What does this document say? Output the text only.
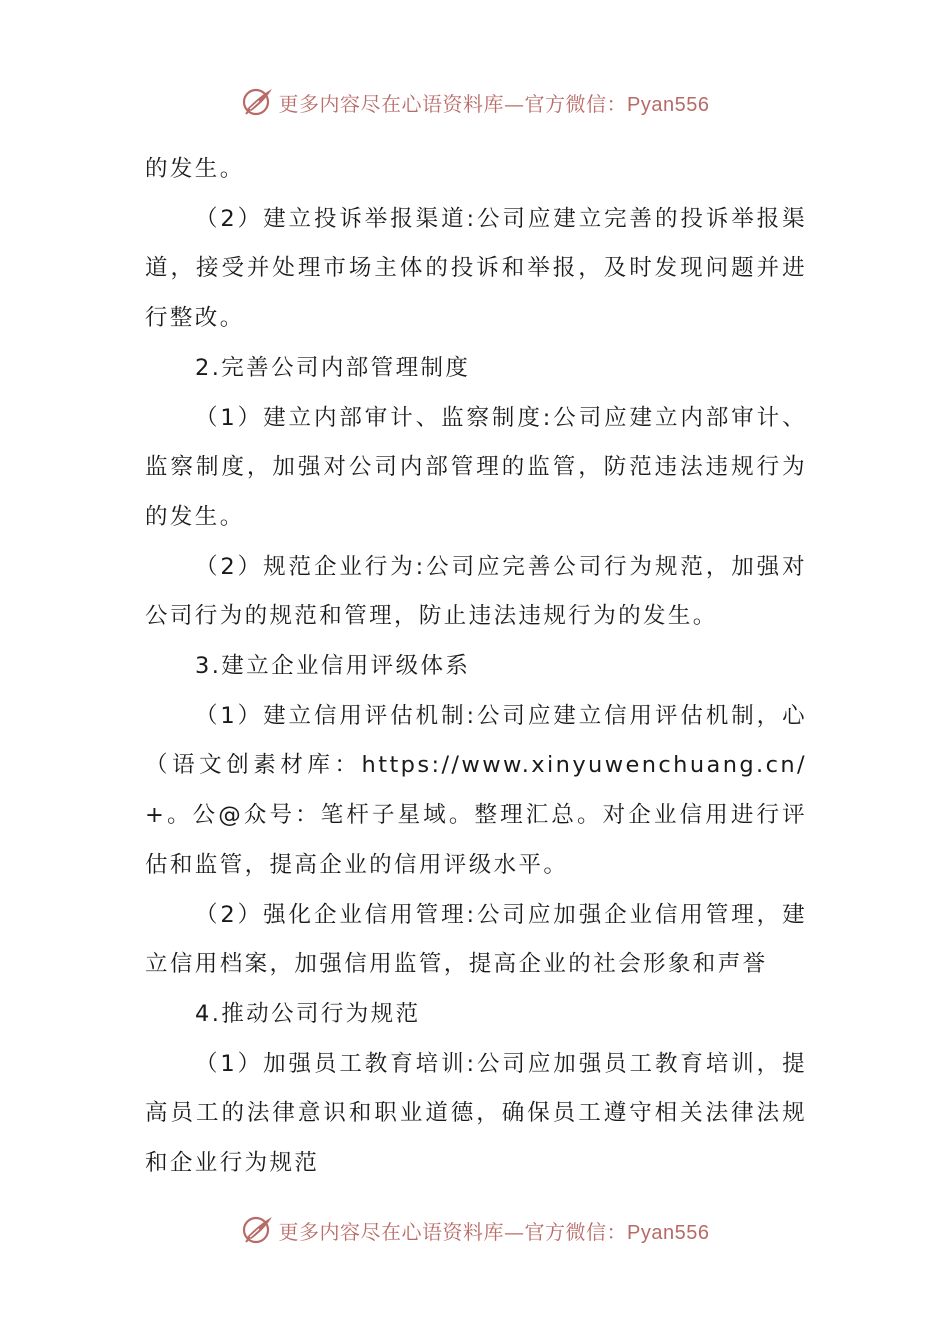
更多内容尽在心语资料库—官方微信：Pyan556

的发生。

（2）建立投诉举报渠道:公司应建立完善的投诉举报渠道，接受并处理市场主体的投诉和举报，及时发现问题并进行整改。

2.完善公司内部管理制度

（1）建立内部审计、监察制度:公司应建立内部审计、监察制度，加强对公司内部管理的监管，防范违法违规行为的发生。

（2）规范企业行为:公司应完善公司行为规范，加强对公司行为的规范和管理，防止违法违规行为的发生。

3.建立企业信用评级体系

（1）建立信用评估机制:公司应建立信用评估机制，心（语文创素材库：https://www.xinyuwenchuang.cn/+。公@众号：笔杆子星域。整理汇总。对企业信用进行评估和监管，提高企业的信用评级水平。

（2）强化企业信用管理:公司应加强企业信用管理，建立信用档案，加强信用监管，提高企业的社会形象和声誉

4.推动公司行为规范

（1）加强员工教育培训:公司应加强员工教育培训，提高员工的法律意识和职业道德，确保员工遵守相关法律法规和企业行为规范

更多内容尽在心语资料库—官方微信：Pyan556
